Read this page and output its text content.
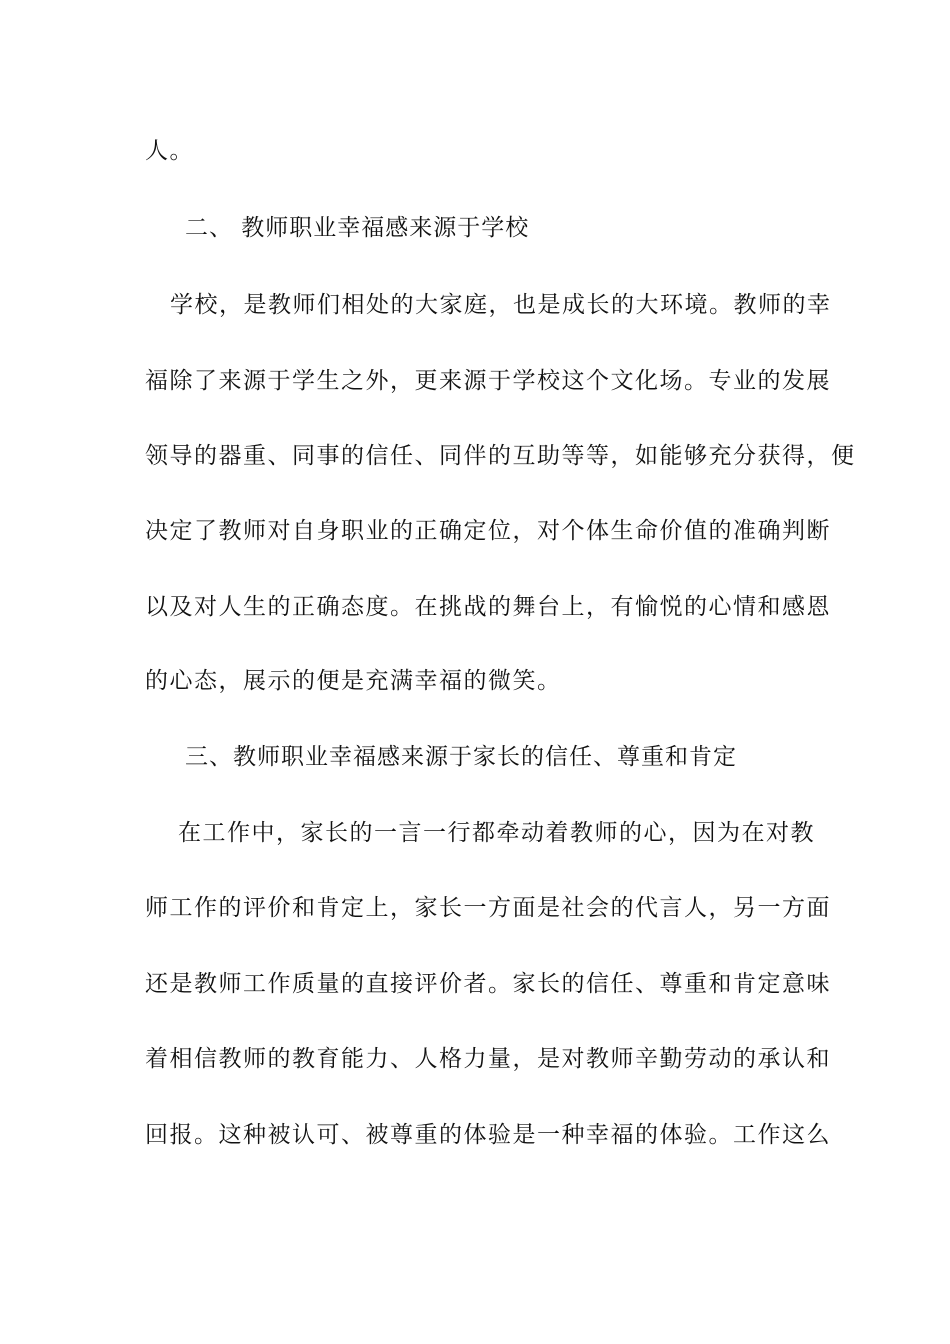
人。
二、 教师职业幸福感来源于学校
学校，是教师们相处的大家庭，也是成长的大环境。教师的幸
福除了来源于学生之外，更来源于学校这个文化场。专业的发展
领导的器重、同事的信任、同伴的互助等等，如能够充分获得，便
决定了教师对自身职业的正确定位，对个体生命价值的准确判断
以及对人生的正确态度。在挑战的舞台上，有愉悦的心情和感恩
的心态，展示的便是充满幸福的微笑。
三、教师职业幸福感来源于家长的信任、尊重和肯定
在工作中，家长的一言一行都牵动着教师的心，因为在对教
师工作的评价和肯定上，家长一方面是社会的代言人，另一方面
还是教师工作质量的直接评价者。家长的信任、尊重和肯定意味
着相信教师的教育能力、人格力量，是对教师辛勤劳动的承认和
回报。这种被认可、被尊重的体验是一种幸福的体验。工作这么
